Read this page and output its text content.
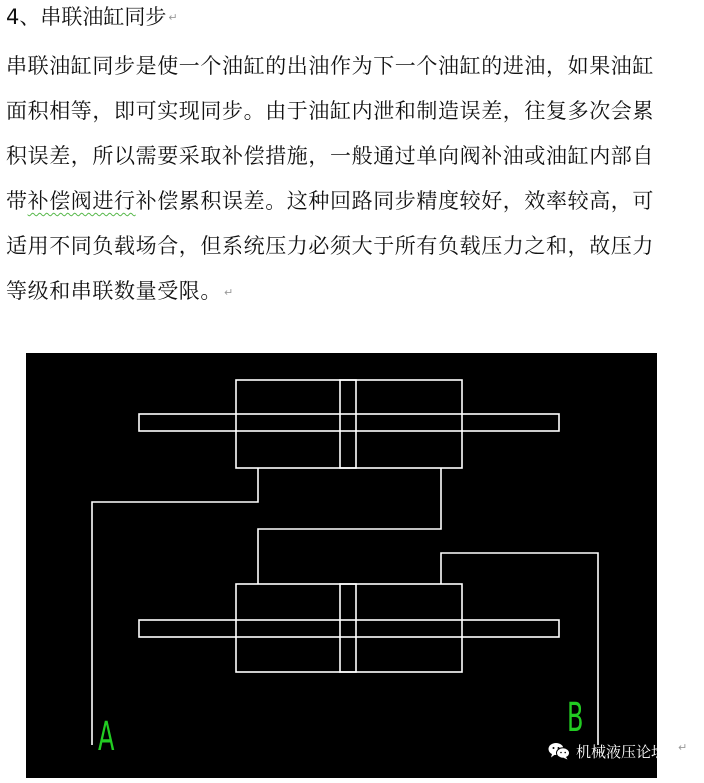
4、串联油缸同步 ↵
串联油缸同步是使一个油缸的出油作为下一个油缸的进油，如果油缸
面积相等，即可实现同步。由于油缸内泄和制造误差，往复多次会累
积误差，所以需要采取补偿措施，一般通过单向阀补油或油缸内部自
带补偿阀进行补偿累积误差。这种回路同步精度较好，效率较高，可
适用不同负载场合，但系统压力必须大于所有负载压力之和，故压力
等级和串联数量受限。 ↵
A	B
↵
机械液压论坛
